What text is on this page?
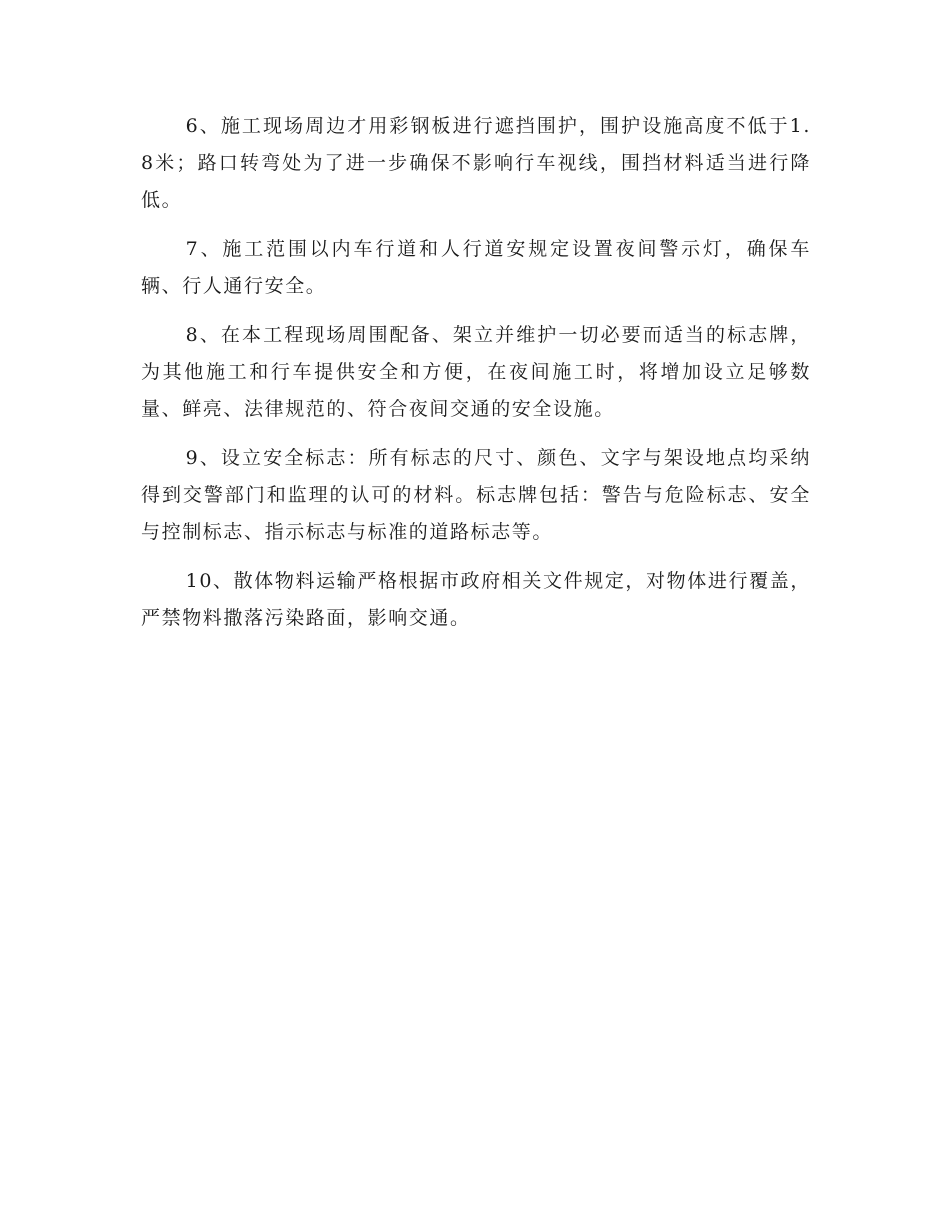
6、施工现场周边才用彩钢板进行遮挡围护，围护设施高度不低于1.8米；路口转弯处为了进一步确保不影响行车视线，围挡材料适当进行降低。

7、施工范围以内车行道和人行道安规定设置夜间警示灯，确保车辆、行人通行安全。

8、在本工程现场周围配备、架立并维护一切必要而适当的标志牌，为其他施工和行车提供安全和方便，在夜间施工时，将增加设立足够数量、鲜亮、法律规范的、符合夜间交通的安全设施。

9、设立安全标志：所有标志的尺寸、颜色、文字与架设地点均采纳得到交警部门和监理的认可的材料。标志牌包括：警告与危险标志、安全与控制标志、指示标志与标准的道路标志等。

10、散体物料运输严格根据市政府相关文件规定，对物体进行覆盖，严禁物料撒落污染路面，影响交通。
